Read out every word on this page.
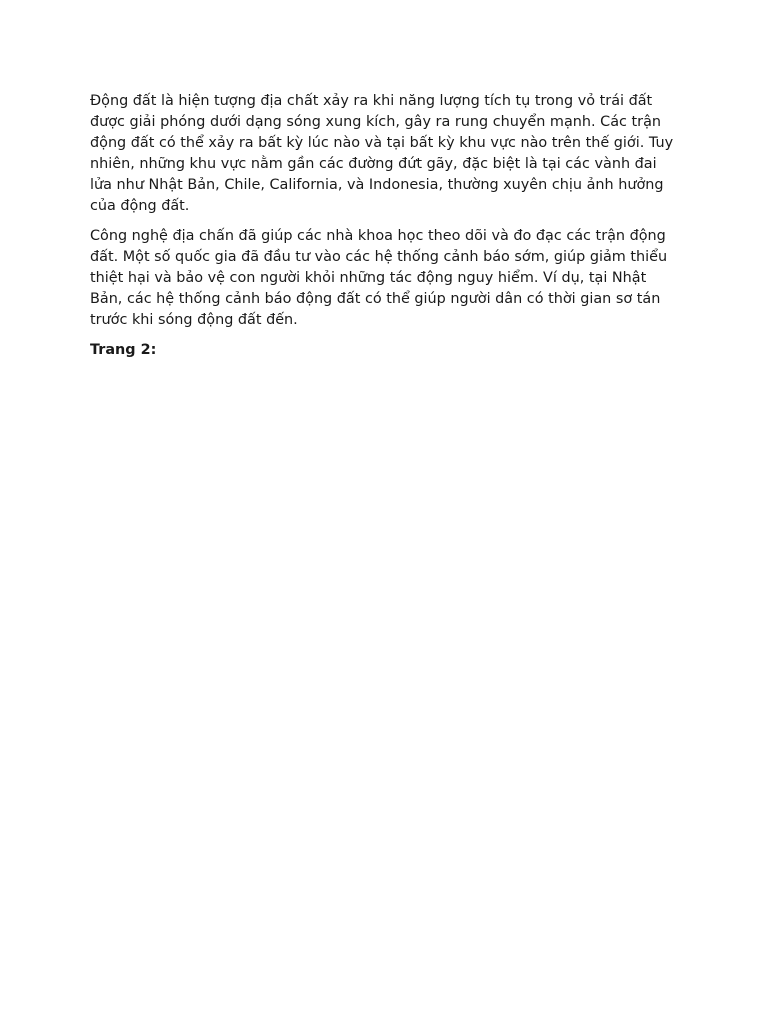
Động đất là hiện tượng địa chất xảy ra khi năng lượng tích tụ trong vỏ trái đất được giải phóng dưới dạng sóng xung kích, gây ra rung chuyển mạnh. Các trận động đất có thể xảy ra bất kỳ lúc nào và tại bất kỳ khu vực nào trên thế giới. Tuy nhiên, những khu vực nằm gần các đường đứt gãy, đặc biệt là tại các vành đai lửa như Nhật Bản, Chile, California, và Indonesia, thường xuyên chịu ảnh hưởng của động đất.

Công nghệ địa chấn đã giúp các nhà khoa học theo dõi và đo đạc các trận động đất. Một số quốc gia đã đầu tư vào các hệ thống cảnh báo sớm, giúp giảm thiểu thiệt hại và bảo vệ con người khỏi những tác động nguy hiểm. Ví dụ, tại Nhật Bản, các hệ thống cảnh báo động đất có thể giúp người dân có thời gian sơ tán trước khi sóng động đất đến.

Trang 2:
